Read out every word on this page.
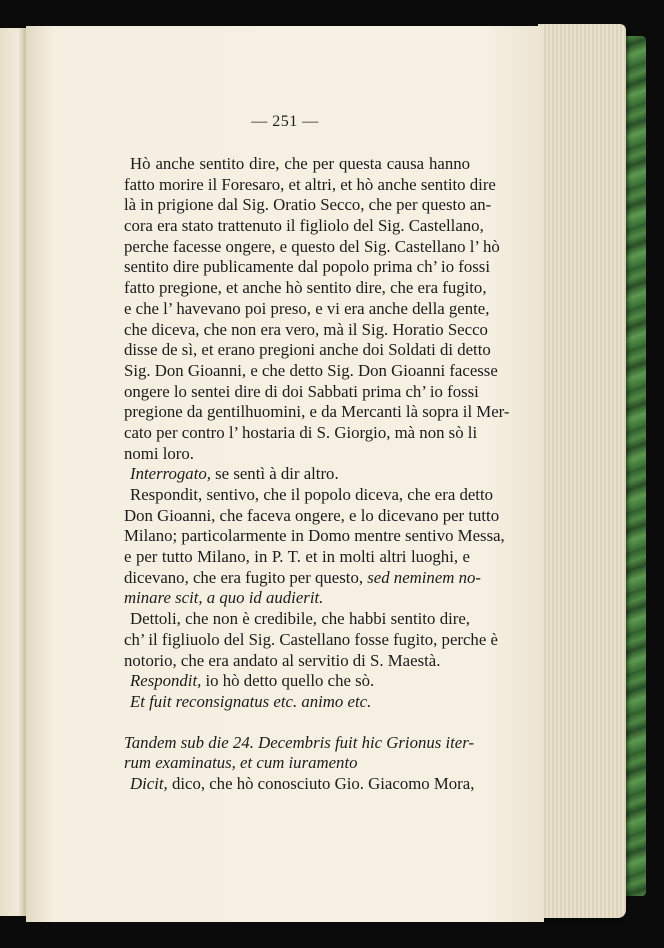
— 251 —

Hò anche sentito dire, che per questa causa hanno
fatto morire il Foresaro, et altri, et hò anche sentito dire
là in prigione dal Sig. Oratio Secco, che per questo an-
cora era stato trattenuto il figliolo del Sig. Castellano,
perche facesse ongere, e questo del Sig. Castellano l’ hò
sentito dire publicamente dal popolo prima ch’ io fossi
fatto pregione, et anche hò sentito dire, che era fugito,
e che l’ havevano poi preso, e vi era anche della gente,
che diceva, che non era vero, mà il Sig. Horatio Secco
disse de sì, et erano pregioni anche doi Soldati di detto
Sig. Don Gioanni, e che detto Sig. Don Gioanni facesse
ongere lo sentei dire di doi Sabbati prima ch’ io fossi
pregione da gentilhuomini, e da Mercanti là sopra il Mer-
cato per contro l’ hostaria di S. Giorgio, mà non sò li
nomi loro.

Interrogato, se sentì à dir altro.

Respondit, sentivo, che il popolo diceva, che era detto
Don Gioanni, che faceva ongere, e lo dicevano per tutto
Milano; particolarmente in Domo mentre sentivo Messa,
e per tutto Milano, in P. T. et in molti altri luoghi, e
dicevano, che era fugito per questo, sed neminem no-
minare scit, a quo id audierit.

Dettoli, che non è credibile, che habbi sentito dire,
ch’ il figliuolo del Sig. Castellano fosse fugito, perche è
notorio, che era andato al servitio di S. Maestà.

Respondit, io hò detto quello che sò.
Et fuit reconsignatus etc. animo etc.

Tandem sub die 24. Decembris fuit hic Grionus iter-
rum examinatus, et cum iuramento

Dicit, dico, che hò conosciuto Gio. Giacomo Mora,
